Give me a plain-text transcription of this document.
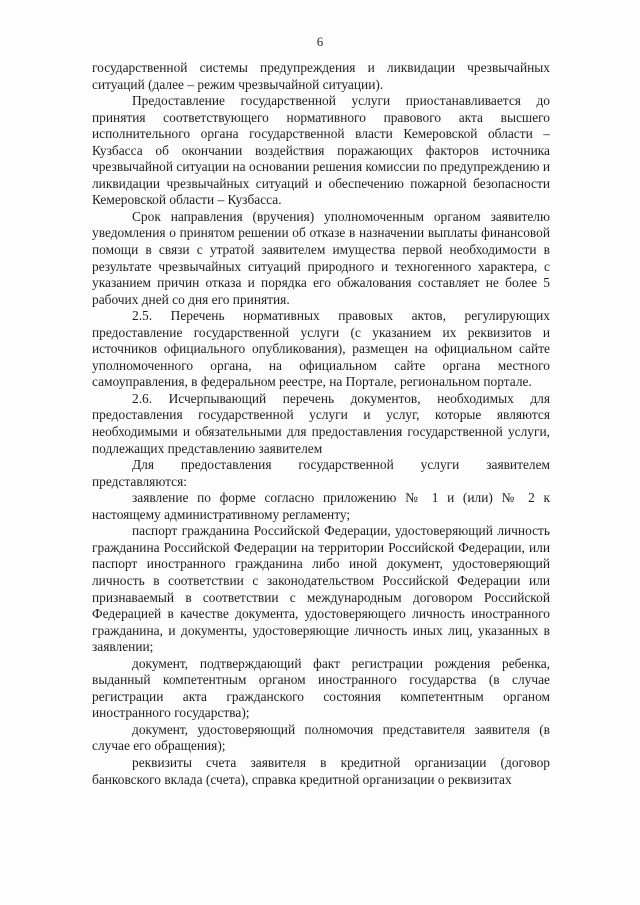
6

государственной системы предупреждения и ликвидации чрезвычайных ситуаций (далее – режим чрезвычайной ситуации).

Предоставление государственной услуги приостанавливается до принятия соответствующего нормативного правового акта высшего исполнительного органа государственной власти Кемеровской области – Кузбасса об окончании воздействия поражающих факторов источника чрезвычайной ситуации на основании решения комиссии по предупреждению и ликвидации чрезвычайных ситуаций и обеспечению пожарной безопасности Кемеровской области – Кузбасса.

Срок направления (вручения) уполномоченным органом заявителю уведомления о принятом решении об отказе в назначении выплаты финансовой помощи в связи с утратой заявителем имущества первой необходимости в результате чрезвычайных ситуаций природного и техногенного характера, с указанием причин отказа и порядка его обжалования составляет не более 5 рабочих дней со дня его принятия.

2.5. Перечень нормативных правовых актов, регулирующих предоставление государственной услуги (с указанием их реквизитов и источников официального опубликования), размещен на официальном сайте уполномоченного органа, на официальном сайте органа местного самоуправления, в федеральном реестре, на Портале, региональном портале.

2.6. Исчерпывающий перечень документов, необходимых для предоставления государственной услуги и услуг, которые являются необходимыми и обязательными для предоставления государственной услуги, подлежащих представлению заявителем

Для предоставления государственной услуги заявителем представляются:

заявление по форме согласно приложению № 1 и (или) № 2 к настоящему административному регламенту;

паспорт гражданина Российской Федерации, удостоверяющий личность гражданина Российской Федерации на территории Российской Федерации, или паспорт иностранного гражданина либо иной документ, удостоверяющий личность в соответствии с законодательством Российской Федерации или признаваемый в соответствии с международным договором Российской Федерацией в качестве документа, удостоверяющего личность иностранного гражданина, и документы, удостоверяющие личность иных лиц, указанных в заявлении;

документ, подтверждающий факт регистрации рождения ребенка, выданный компетентным органом иностранного государства (в случае регистрации акта гражданского состояния компетентным органом иностранного государства);

документ, удостоверяющий полномочия представителя заявителя (в случае его обращения);

реквизиты счета заявителя в кредитной организации (договор банковского вклада (счета), справка кредитной организации о реквизитах
